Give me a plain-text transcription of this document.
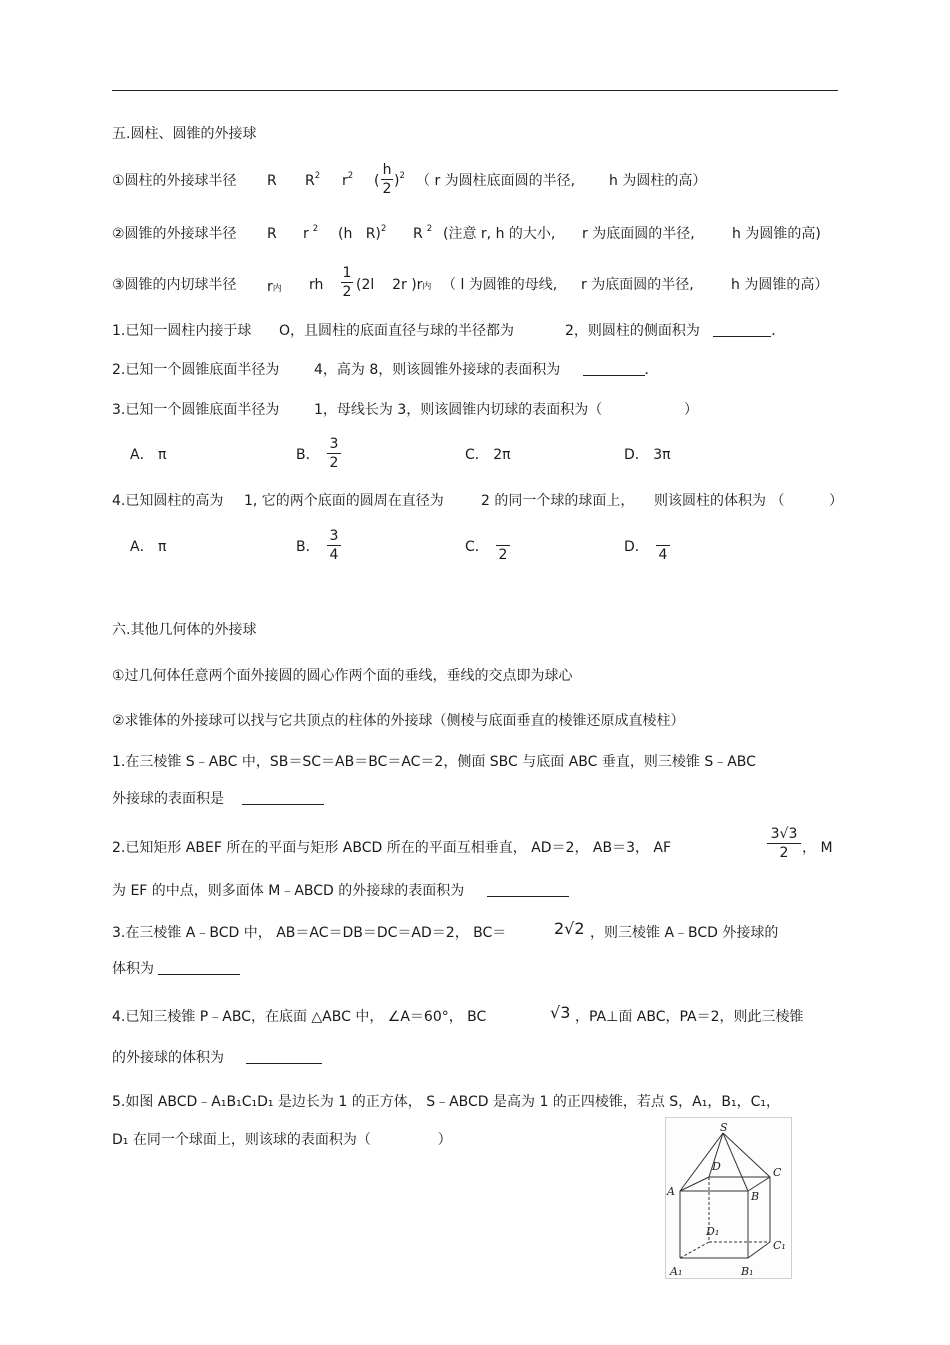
五.圆柱、圆锥的外接球
①圆柱的外接球半径 R $R^2$ $r^2$ (
h
2 )$^2$ （ r 为圆柱底面圆的半径, h 为圆柱的高）
②圆锥的外接球半径 R r $^2$ (h R)$^2$ R $^2$ (注意 r, h 的大小, r 为底面圆的半径,	h 为圆锥的高)
③圆锥的内切球半径 r内 rh
1
2 (2l 2r )r内 （ l 为圆锥的母线, r 为底面圆的半径,	h 为圆锥的高）
1.已知一圆柱内接于球 O，且圆柱的底面直径与球的半径都为	2，则圆柱的侧面积为	．
2.已知一个圆锥底面半径为 4，高为 8，则该圆锥外接球的表面积为	．
3.已知一个圆锥底面半径为 1，母线长为 3，则该圆锥内切球的表面积为（	）
A． π	B．
3
2	C． 2π	D． 3π
4.已知圆柱的高为 1, 它的两个底面的圆周在直径为	2 的同一个球的球面上， 则该圆柱的体积为 （	）
A． π	B．
3
4	C．
2	D．
4
六.其他几何体的外接球
①过几何体任意两个面外接圆的圆心作两个面的垂线，垂线的交点即为球心
②求锥体的外接球可以找与它共顶点的柱体的外接球（侧棱与底面垂直的棱锥还原成直棱柱）
1.在三棱锥 S﹣ABC 中，SB＝SC＝AB＝BC＝AC＝2，侧面 SBC 与底面 ABC 垂直，则三棱锥 S﹣ABC
外接球的表面积是
2.已知矩形 ABEF 所在的平面与矩形 ABCD 所在的平面互相垂直， AD＝2， AB＝3， AF
3√3
2 ， M
为 EF 的中点，则多面体 M﹣ABCD 的外接球的表面积为
3.在三棱锥 A﹣BCD 中， AB＝AC＝DB＝DC＝AD＝2， BC＝	2√2 ，则三棱锥 A﹣BCD 外接球的
体积为
4.已知三棱锥 P﹣ABC，在底面 △ABC 中， ∠A＝60°， BC	√3 ，PA⊥面 ABC，PA＝2，则此三棱锥
的外接球的体积为
5.如图 ABCD﹣A₁B₁C₁D₁ 是边长为 1 的正方体， S﹣ABCD 是高为 1 的正四棱锥，若点 S，A₁，B₁，C₁，
D₁ 在同一个球面上，则该球的表面积为（	）
S
A	B
C
D
A₁	B₁
C₁
D₁
